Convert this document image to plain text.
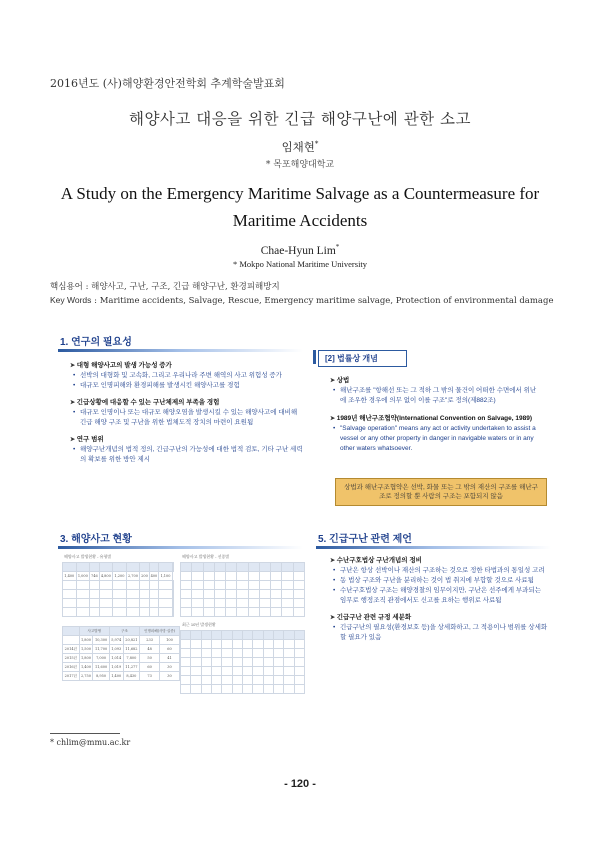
2016년도 (사)해양환경안전학회 추계학술발표회
해양사고 대응을 위한 긴급 해양구난에 관한 소고
임채현*
* 목포해양대학교
A Study on the Emergency Maritime Salvage as a Countermeasure for Maritime Accidents
Chae-Hyun Lim*
* Mokpo National Maritime University
핵심용어 : 해양사고, 구난, 구조, 긴급 해양구난, 환경피해방지
Key Words : Maritime accidents, Salvage, Rescue, Emergency maritime salvage, Protection of environmental damage
1. 연구의 필요성
➤ 대형 해양사고의 발생 가능성 증가
• 선박의 대형화 및 고속화, 그리고 우리나라 주변 해역의 사고 위험성 증가
• 대규모 인명피해와 환경피해를 발생시킨 해양사고를 경험
➤ 긴급상황에 대응할 수 있는 구난체제의 부족을 경험
• 대규모 인명이나 또는 대규모 해양오염을 발생시킬 수 있는 해양사고에 대비해 긴급 해양 구조 및 구난을 위한 법체도적 장치의 마련이 요원됨
➤ 연구 범위
• 해양구난개념의 법적 정의, 긴급구난의 가능성에 대한 법적 검토, 기타 구난 세력의 확보를 위한 방안 제시
[2] 법률상 개념
➤ 상법
• 해난구조를 "항해선 또는 그 적하 그 밖의 물건이 어떠한 수면에서 위난에 조우한 경우에 의무 없이 이를 구조"로 정의(제882조)
➤ 1989년 해난구조협약(International Convention on Salvage, 1989)
• "Salvage operation" means any act or activity undertaken to assist a vessel or any other property in danger in navigable waters or in any other waters whatsoever.
상법과 해난구조협약은 선박, 화물 또는 그 밖의 재산의 구조를 해난구조로 정의할 뿐 사람의 구조는 포함되지 않음
3. 해양사고 현황
해양사고 발생현황 - 유형별

1,400	1,000	746	4,800	1,200	2,700	200	400	1,100	

해양사고 발생현황 - 선종별

	사고발생		구조		인명피해(사망·실종)	
	1,800	10,300	5,974	20,821	233	100
2014년	1,500	11,700	1,093	11,682	48	60
2015년	1,800	7,000	1,014	7,800	50	41
2016년	1,400	11,600	1,019	11,277	60	30
2017년	2,750	8,950	1,400	8,430	73	30
최근 10년 발생현황

5. 긴급구난 관련 제언
➤ 수난구호법상 구난개념의 정비
• 구난은 항상 선박이나 재산의 구조하는 것으로 정한 타법과의 통일성 고려
• 동 법상 구조와 구난을 분리하는 것이 법 취지에 부합할 것으로 사료됨
• 수난구호법상 구조는 해양경찰의 임무이지만, 구난은 선주에게 부과되는 임무로 행정조직 관점에서도 신고를 요하는 행위로 사료됨
➤ 긴급구난 관련 규정 세분화
• 긴급구난의 필요성(환경보호 등)을 상세화하고, 그 적용이나 범위를 상세화할 필요가 있음
* chlim@mmu.ac.kr
- 120 -
